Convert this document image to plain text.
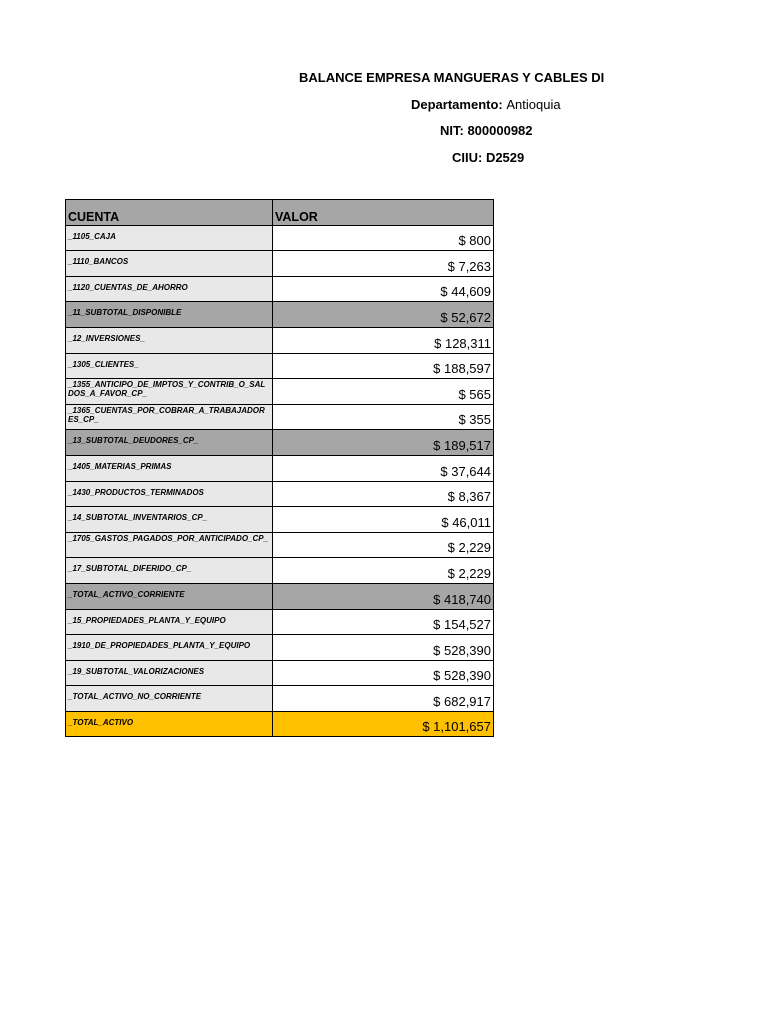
BALANCE EMPRESA MANGUERAS Y CABLES DI
Departamento: Antioquia
NIT: 800000982
CIIU: D2529
CUENTA	VALOR
_1105_CAJA	$ 800
_1110_BANCOS	$ 7,263
_1120_CUENTAS_DE_AHORRO	$ 44,609
_11_SUBTOTAL_DISPONIBLE	$ 52,672
_12_INVERSIONES_	$ 128,311
_1305_CLIENTES_	$ 188,597
_1355_ANTICIPO_DE_IMPTOS_Y_CONTRIB_O_SALDOS_A_FAVOR_CP_	$ 565
_1365_CUENTAS_POR_COBRAR_A_TRABAJADORES_CP_	$ 355
_13_SUBTOTAL_DEUDORES_CP_	$ 189,517
_1405_MATERIAS_PRIMAS	$ 37,644
_1430_PRODUCTOS_TERMINADOS	$ 8,367
_14_SUBTOTAL_INVENTARIOS_CP_	$ 46,011
_1705_GASTOS_PAGADOS_POR_ANTICIPADO_CP_	$ 2,229
_17_SUBTOTAL_DIFERIDO_CP_	$ 2,229
_TOTAL_ACTIVO_CORRIENTE	$ 418,740
_15_PROPIEDADES_PLANTA_Y_EQUIPO	$ 154,527
_1910_DE_PROPIEDADES_PLANTA_Y_EQUIPO	$ 528,390
_19_SUBTOTAL_VALORIZACIONES	$ 528,390
_TOTAL_ACTIVO_NO_CORRIENTE	$ 682,917
_TOTAL_ACTIVO	$ 1,101,657
